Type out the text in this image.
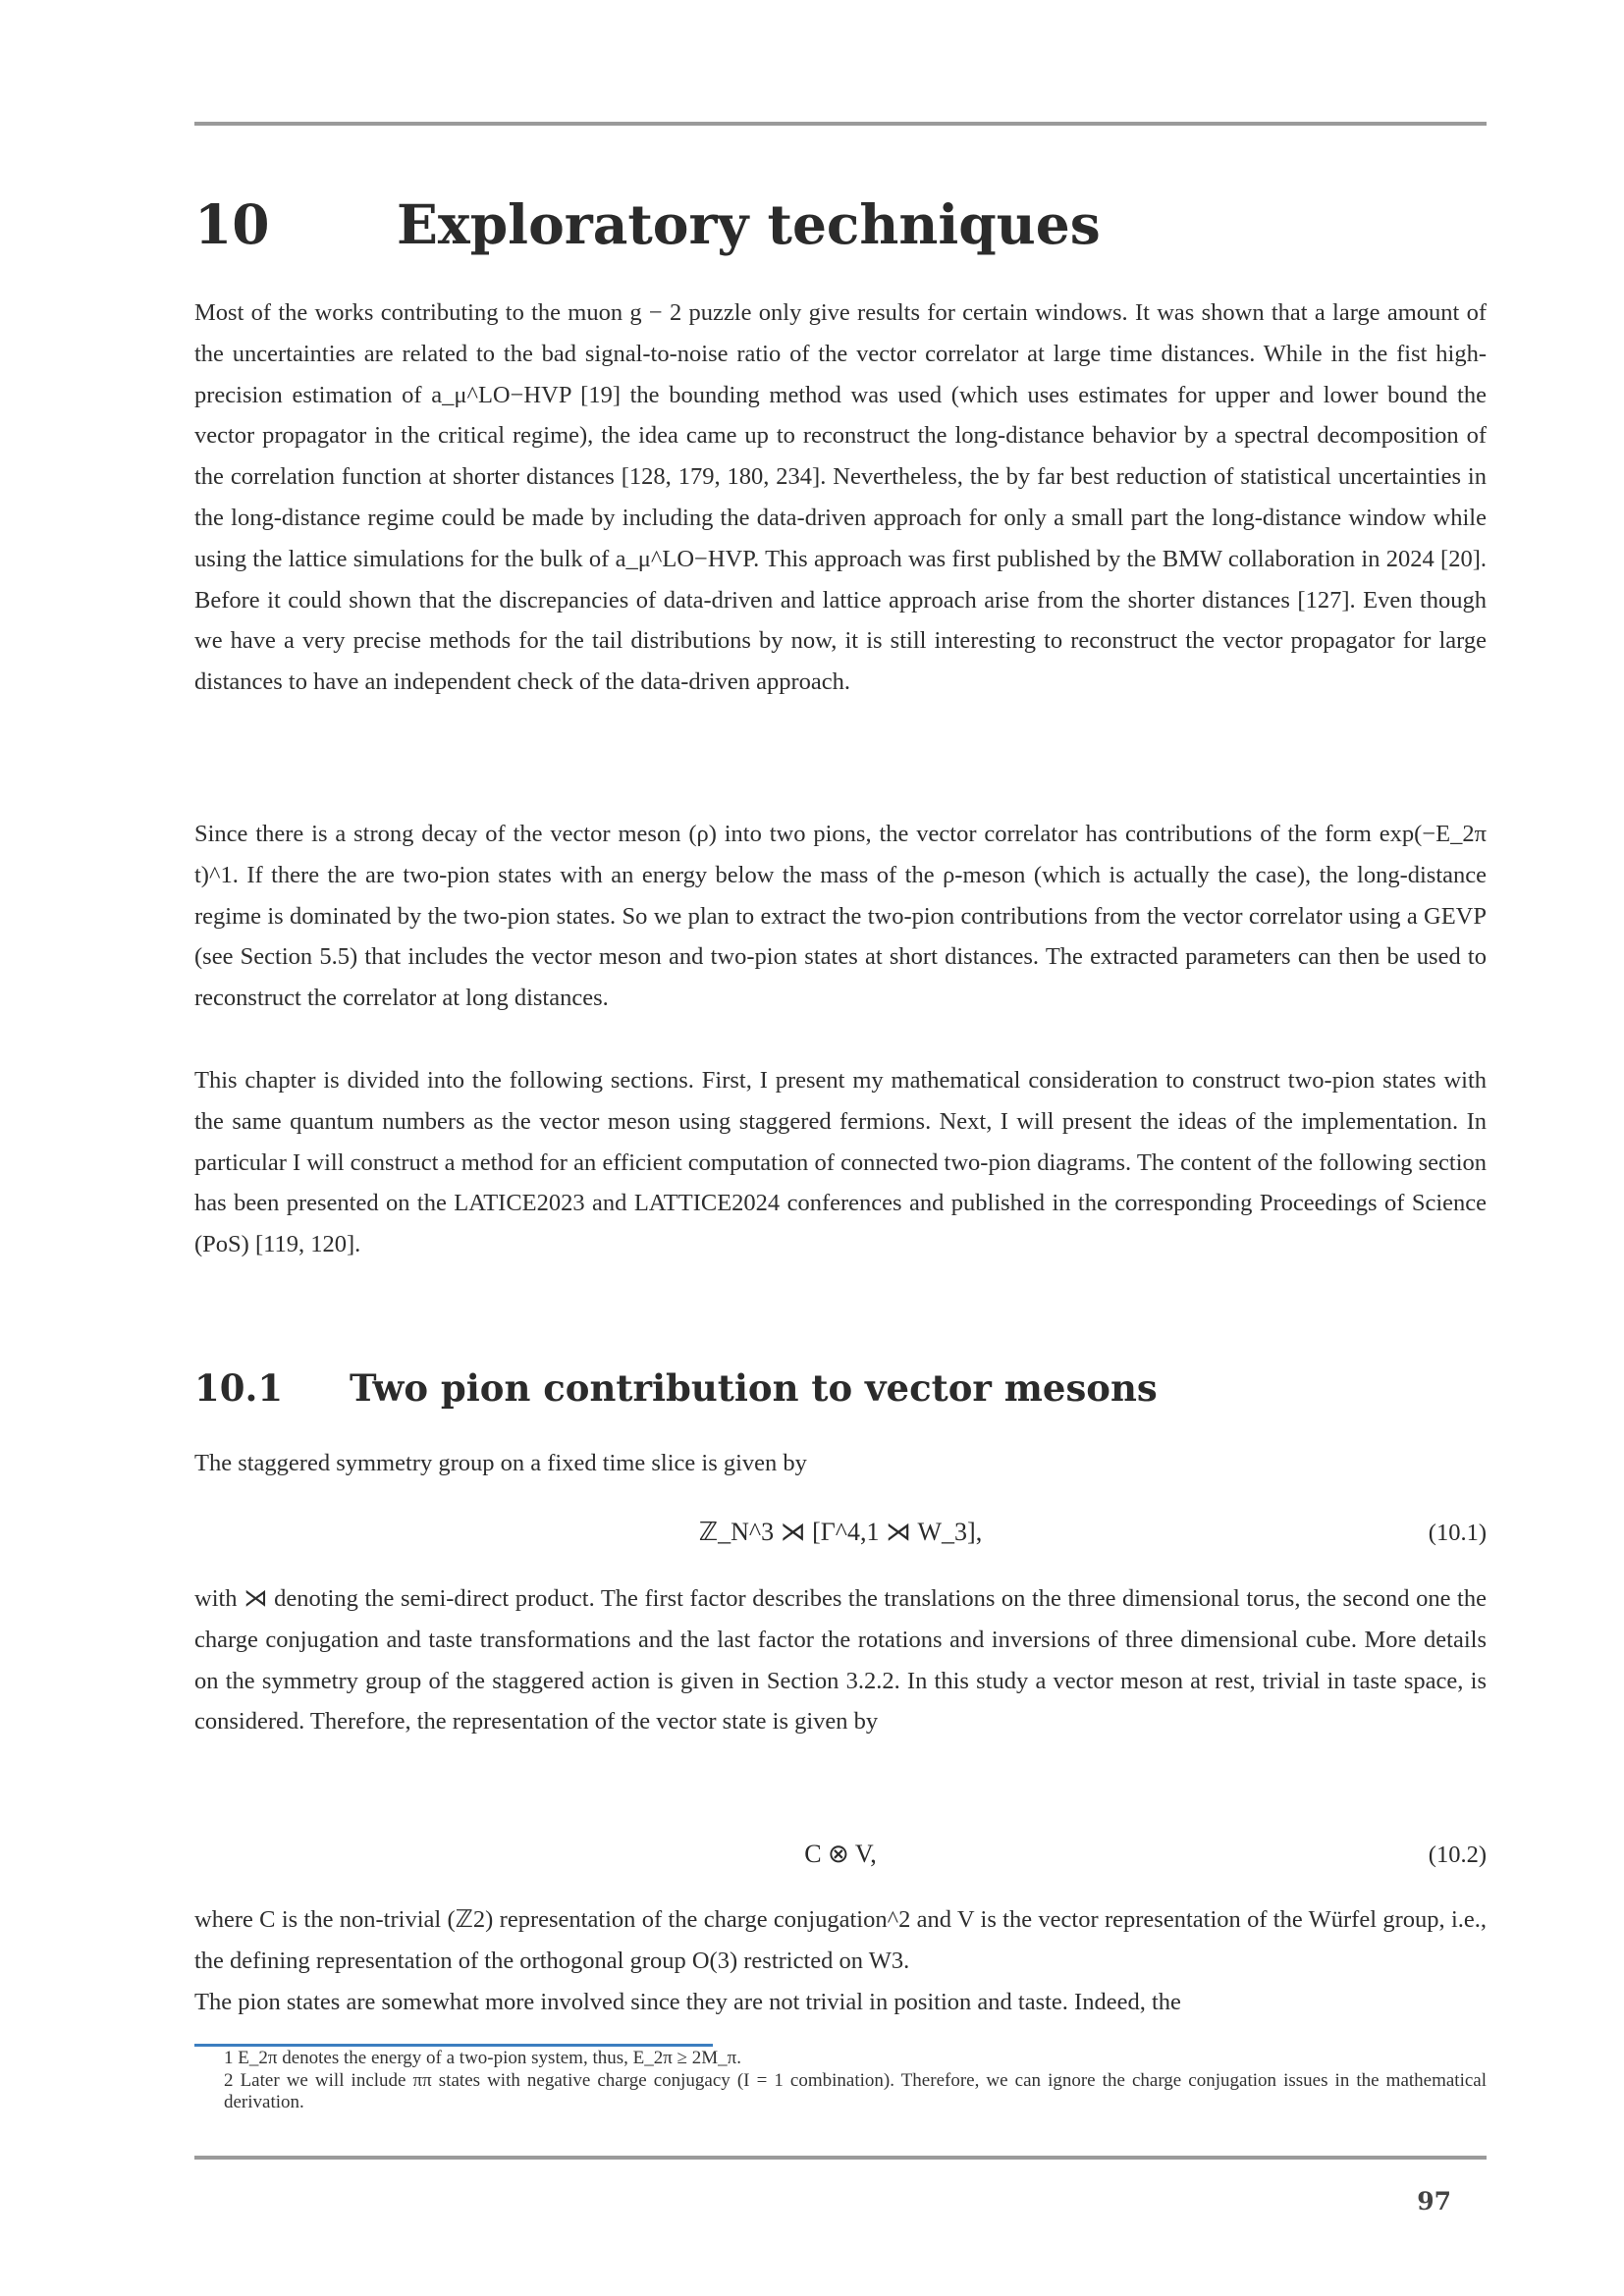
10 Exploratory techniques

Most of the works contributing to the muon g − 2 puzzle only give results for certain windows. It was shown that a large amount of the uncertainties are related to the bad signal-to-noise ratio of the vector correlator at large time distances. While in the fist high-precision estimation of a_μ^LO−HVP [19] the bounding method was used (which uses estimates for upper and lower bound the vector propagator in the critical regime), the idea came up to reconstruct the long-distance behavior by a spectral decomposition of the correlation function at shorter distances [128, 179, 180, 234]. Nevertheless, the by far best reduction of statistical uncertainties in the long-distance regime could be made by including the data-driven approach for only a small part the long-distance window while using the lattice simulations for the bulk of a_μ^LO−HVP. This approach was first published by the BMW collaboration in 2024 [20]. Before it could shown that the discrepancies of data-driven and lattice approach arise from the shorter distances [127]. Even though we have a very precise methods for the tail distributions by now, it is still interesting to reconstruct the vector propagator for large distances to have an independent check of the data-driven approach.

Since there is a strong decay of the vector meson (ρ) into two pions, the vector correlator has contributions of the form exp(−E_2π t)^1. If there the are two-pion states with an energy below the mass of the ρ-meson (which is actually the case), the long-distance regime is dominated by the two-pion states. So we plan to extract the two-pion contributions from the vector correlator using a GEVP (see Section 5.5) that includes the vector meson and two-pion states at short distances. The extracted parameters can then be used to reconstruct the correlator at long distances.

This chapter is divided into the following sections. First, I present my mathematical consideration to construct two-pion states with the same quantum numbers as the vector meson using staggered fermions. Next, I will present the ideas of the implementation. In particular I will construct a method for an efficient computation of connected two-pion diagrams. The content of the following section has been presented on the LATICE2023 and LATTICE2024 conferences and published in the corresponding Proceedings of Science (PoS) [119, 120].

10.1 Two pion contribution to vector mesons

The staggered symmetry group on a fixed time slice is given by

ℤ_N^3 ⋊ [Γ^4,1 ⋊ W_3],	(10.1)

with ⋊ denoting the semi-direct product. The first factor describes the translations on the three dimensional torus, the second one the charge conjugation and taste transformations and the last factor the rotations and inversions of three dimensional cube. More details on the symmetry group of the staggered action is given in Section 3.2.2. In this study a vector meson at rest, trivial in taste space, is considered. Therefore, the representation of the vector state is given by

C ⊗ V,	(10.2)

where C is the non-trivial (ℤ2) representation of the charge conjugation^2 and V is the vector representation of the Würfel group, i.e., the defining representation of the orthogonal group O(3) restricted on W3.

The pion states are somewhat more involved since they are not trivial in position and taste. Indeed, the

1 E_2π denotes the energy of a two-pion system, thus, E_2π ≥ 2M_π.

2 Later we will include ππ states with negative charge conjugacy (I = 1 combination). Therefore, we can ignore the charge conjugation issues in the mathematical derivation.

97
